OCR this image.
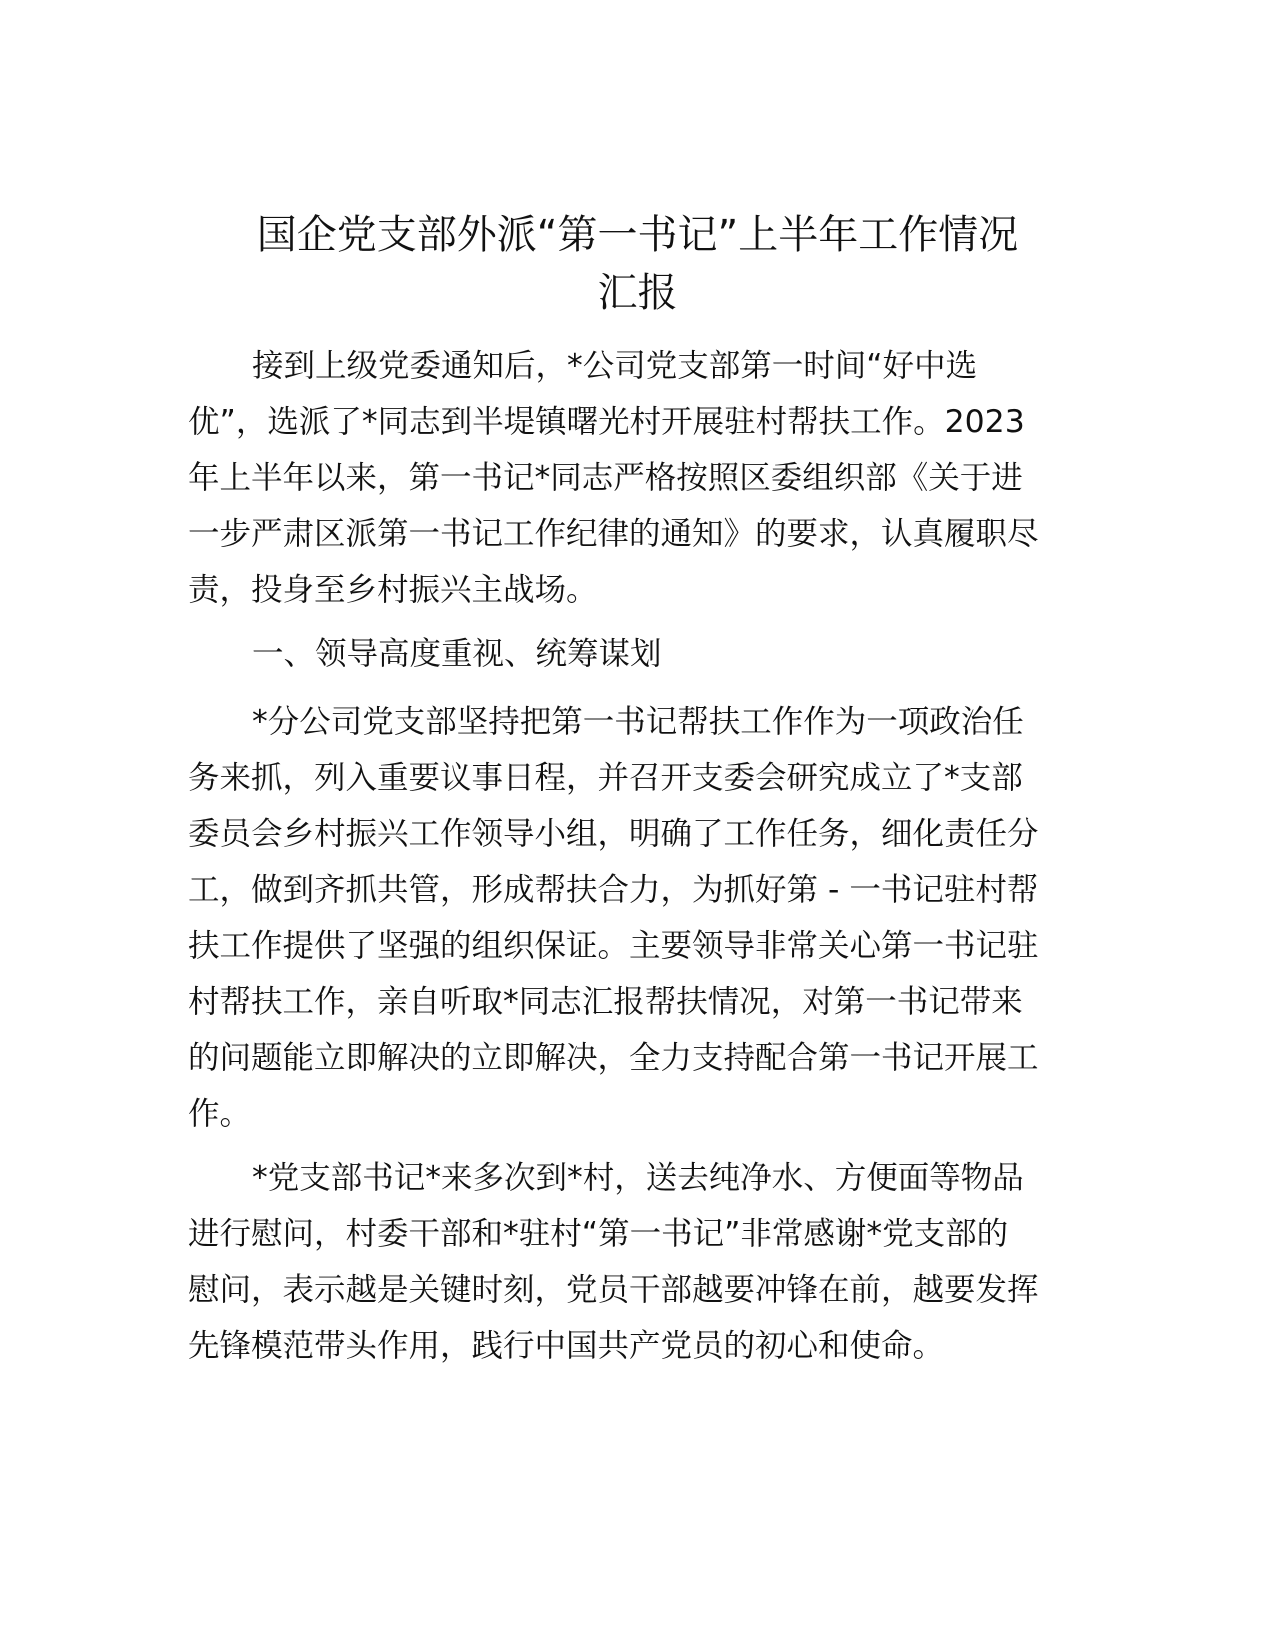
国企党支部外派“第一书记”上半年工作情况
汇报
接到上级党委通知后，*公司党支部第一时间“好中选
优”，选派了*同志到半堤镇曙光村开展驻村帮扶工作。2023
年上半年以来，第一书记*同志严格按照区委组织部《关于进
一步严肃区派第一书记工作纪律的通知》的要求，认真履职尽
责，投身至乡村振兴主战场。
一、领导高度重视、统筹谋划
*分公司党支部坚持把第一书记帮扶工作作为一项政治任
务来抓，列入重要议事日程，并召开支委会研究成立了*支部
委员会乡村振兴工作领导小组，明确了工作任务，细化责任分
工，做到齐抓共管，形成帮扶合力，为抓好第 - 一书记驻村帮
扶工作提供了坚强的组织保证。主要领导非常关心第一书记驻
村帮扶工作，亲自听取*同志汇报帮扶情况，对第一书记带来
的问题能立即解决的立即解决，全力支持配合第一书记开展工
作。
*党支部书记*来多次到*村，送去纯净水、方便面等物品
进行慰问，村委干部和*驻村“第一书记”非常感谢*党支部的
慰问，表示越是关键时刻，党员干部越要冲锋在前，越要发挥
先锋模范带头作用，践行中国共产党员的初心和使命。
